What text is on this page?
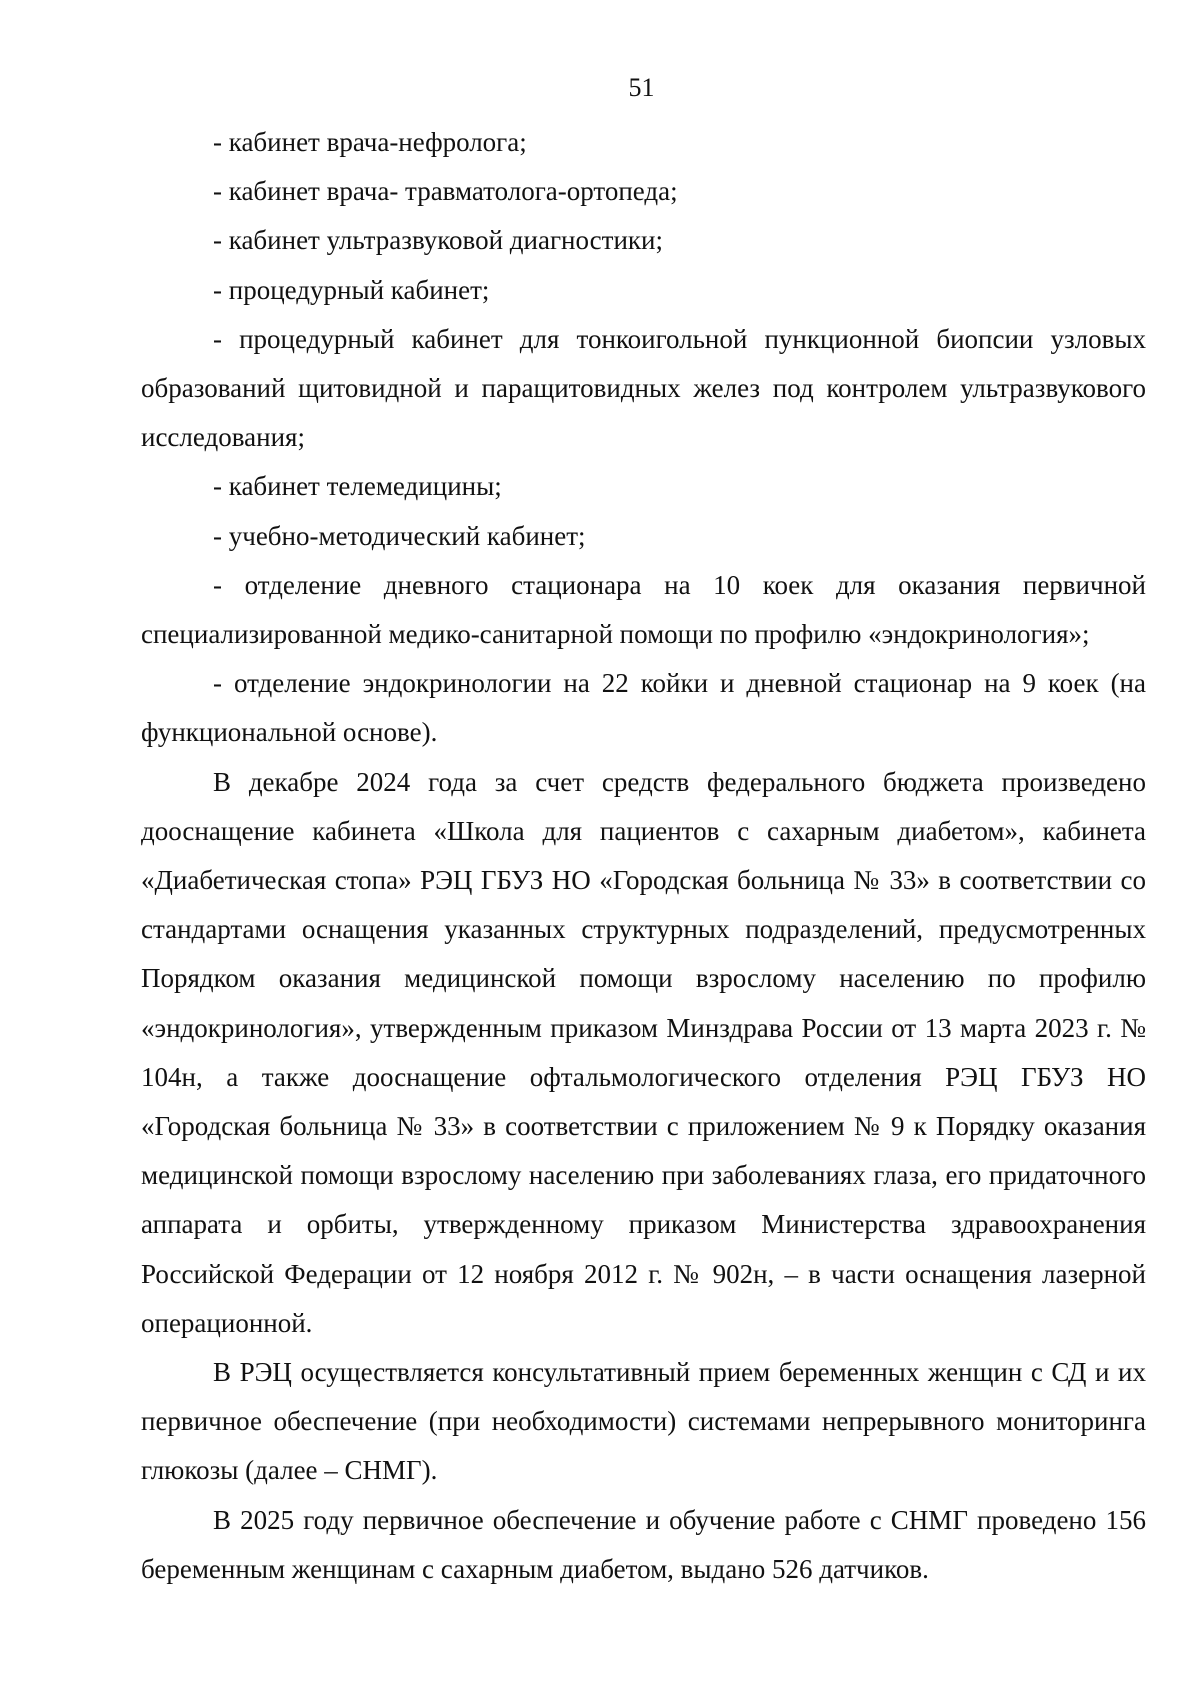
51

- кабинет врача-нефролога;

- кабинет врача- травматолога-ортопеда;

- кабинет ультразвуковой диагностики;

- процедурный кабинет;

- процедурный кабинет для тонкоигольной пункционной биопсии узловых образований щитовидной и паращитовидных желез под контролем ультразвукового исследования;

- кабинет телемедицины;

- учебно-методический кабинет;

- отделение дневного стационара на 10 коек для оказания первичной специализированной медико-санитарной помощи по профилю «эндокринология»;

- отделение эндокринологии на 22 койки и дневной стационар на 9 коек (на функциональной основе).

В декабре 2024 года за счет средств федерального бюджета произведено дооснащение кабинета «Школа для пациентов с сахарным диабетом», кабинета «Диабетическая стопа» РЭЦ ГБУЗ НО «Городская больница № 33» в соответствии со стандартами оснащения указанных структурных подразделений, предусмотренных Порядком оказания медицинской помощи взрослому населению по профилю «эндокринология», утвержденным приказом Минздрава России от 13 марта 2023 г. № 104н, а также дооснащение офтальмологического отделения РЭЦ ГБУЗ НО «Городская больница № 33» в соответствии с приложением № 9 к Порядку оказания медицинской помощи взрослому населению при заболеваниях глаза, его придаточного аппарата и орбиты, утвержденному приказом Министерства здравоохранения Российской Федерации от 12 ноября 2012 г. № 902н, – в части оснащения лазерной операционной.

В РЭЦ осуществляется консультативный прием беременных женщин с СД и их первичное обеспечение (при необходимости) системами непрерывного мониторинга глюкозы (далее – СНМГ).

В 2025 году первичное обеспечение и обучение работе с СНМГ проведено 156 беременным женщинам с сахарным диабетом, выдано 526 датчиков.
